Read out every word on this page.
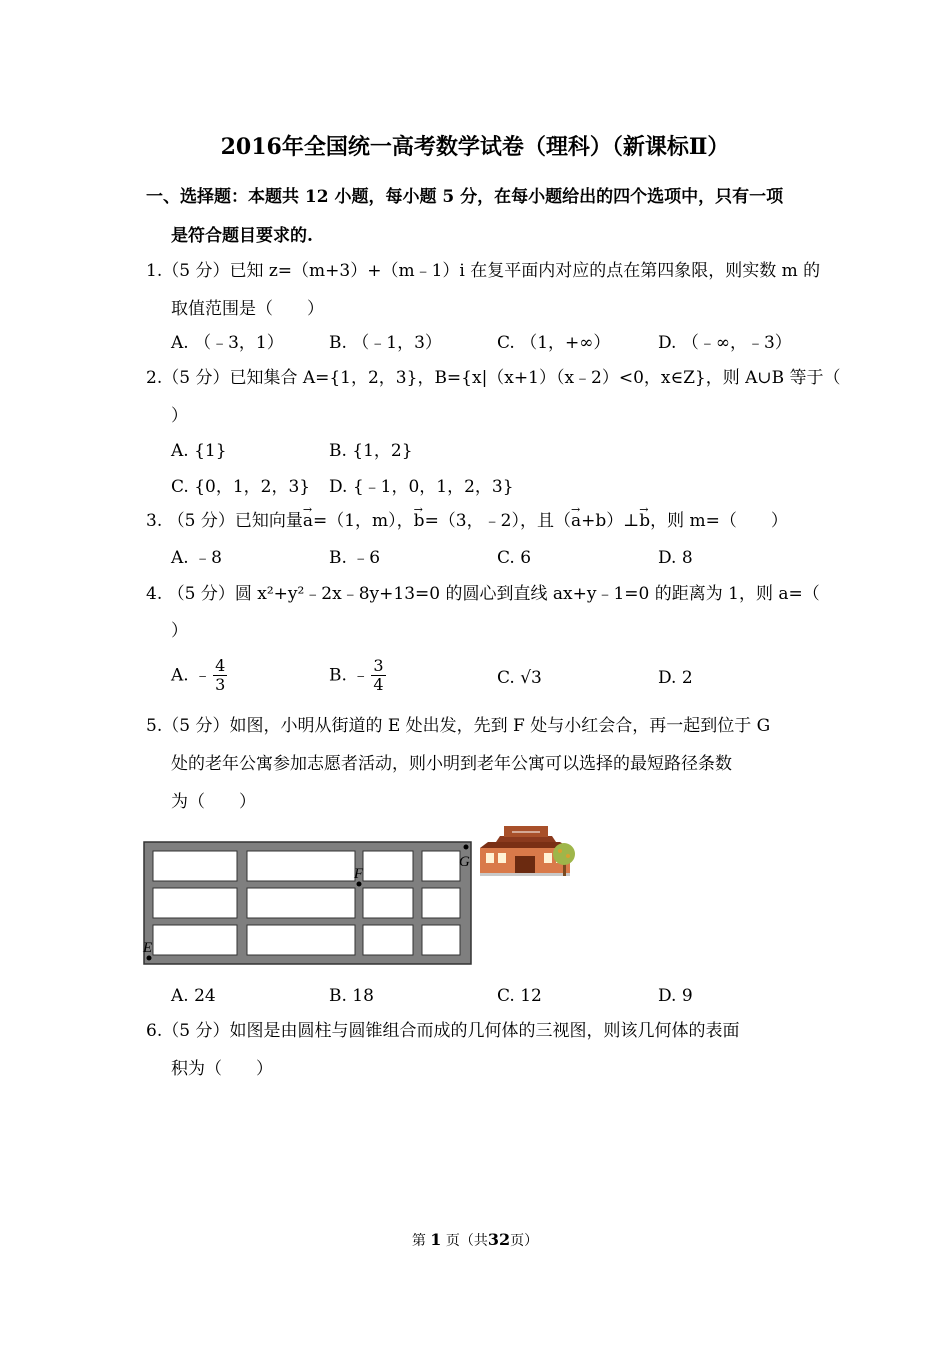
2016年全国统一高考数学试卷（理科）（新课标Ⅱ）
一、选择题：本题共 12 小题，每小题 5 分，在每小题给出的四个选项中，只有一项
是符合题目要求的.
1.（5 分）已知 z=（m+3）+（m﹣1）i 在复平面内对应的点在第四象限，则实数 m 的
取值范围是（　　）
A. （﹣3，1）	B. （﹣1，3）	C. （1，+∞）	D. （﹣∞，﹣3）
2.（5 分）已知集合 A={1，2，3}，B={x|（x+1）（x﹣2）<0，x∈Z}，则 A∪B 等于（
）
A. {1}	B. {1，2}
C. {0，1，2，3} D. {﹣1，0，1，2，3}
3. （5 分）已知向量→ a=（1，m），→ b=（3，﹣2），且（→ a+b）⊥→ b，则 m=（　　）
A. ﹣8	B. ﹣6	C. 6	D. 8
4. （5 分）圆 x²+y²﹣2x﹣8y+13=0 的圆心到直线 ax+y﹣1=0 的距离为 1，则 a=（
）
A. ﹣ $\frac{4}{3}$	B. ﹣ $\frac{3}{4}$	C. √3	D. 2
5.（5 分）如图，小明从街道的 E 处出发，先到 F 处与小红会合，再一起到位于 G
处的老年公寓参加志愿者活动，则小明到老年公寓可以选择的最短路径条数
为（　　）
E
F
G
A. 24	B. 18	C. 12	D. 9
6.（5 分）如图是由圆柱与圆锥组合而成的几何体的三视图，则该几何体的表面
积为（　　）
第 1 页（共32页）
